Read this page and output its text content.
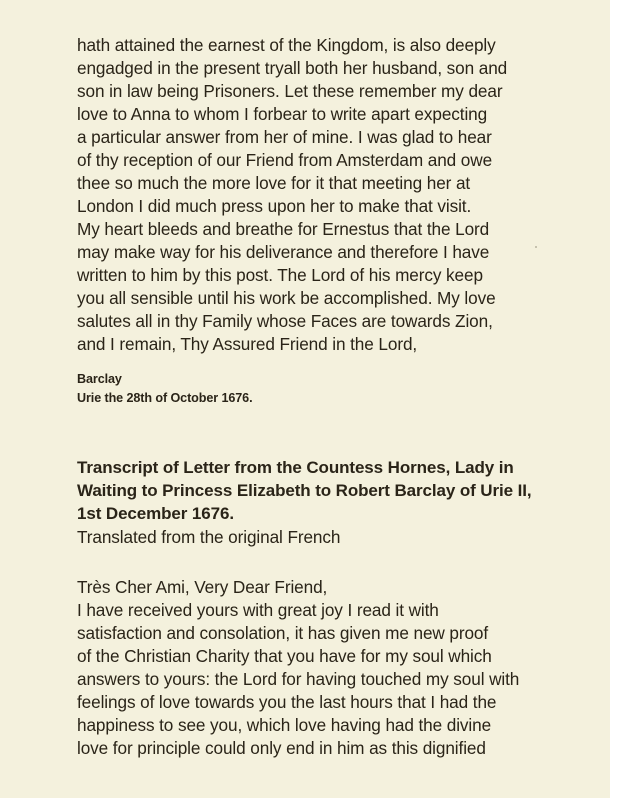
hath attained the earnest of the Kingdom, is also deeply
engadged in the present tryall both her husband, son and
son in law being Prisoners. Let these remember my dear
love to Anna to whom I forbear to write apart expecting
a particular answer from her of mine. I was glad to hear
of thy reception of our Friend from Amsterdam and owe
thee so much the more love for it that meeting her at
London I did much press upon her to make that visit.
My heart bleeds and breathe for Ernestus that the Lord
may make way for his deliverance and therefore I have
written to him by this post. The Lord of his mercy keep
you all sensible until his work be accomplished. My love
salutes all in thy Family whose Faces are towards Zion,
and I remain, Thy Assured Friend in the Lord,
Barclay
Urie the 28th of October 1676.
Transcript of Letter from the Countess Hornes, Lady in
Waiting to Princess Elizabeth to Robert Barclay of Urie II,
1st December 1676.
Translated from the original French
Très Cher Ami, Very Dear Friend,
I have received yours with great joy I read it with
satisfaction and consolation, it has given me new proof
of the Christian Charity that you have for my soul which
answers to yours: the Lord for having touched my soul with
feelings of love towards you the last hours that I had the
happiness to see you, which love having had the divine
love for principle could only end in him as this dignified
